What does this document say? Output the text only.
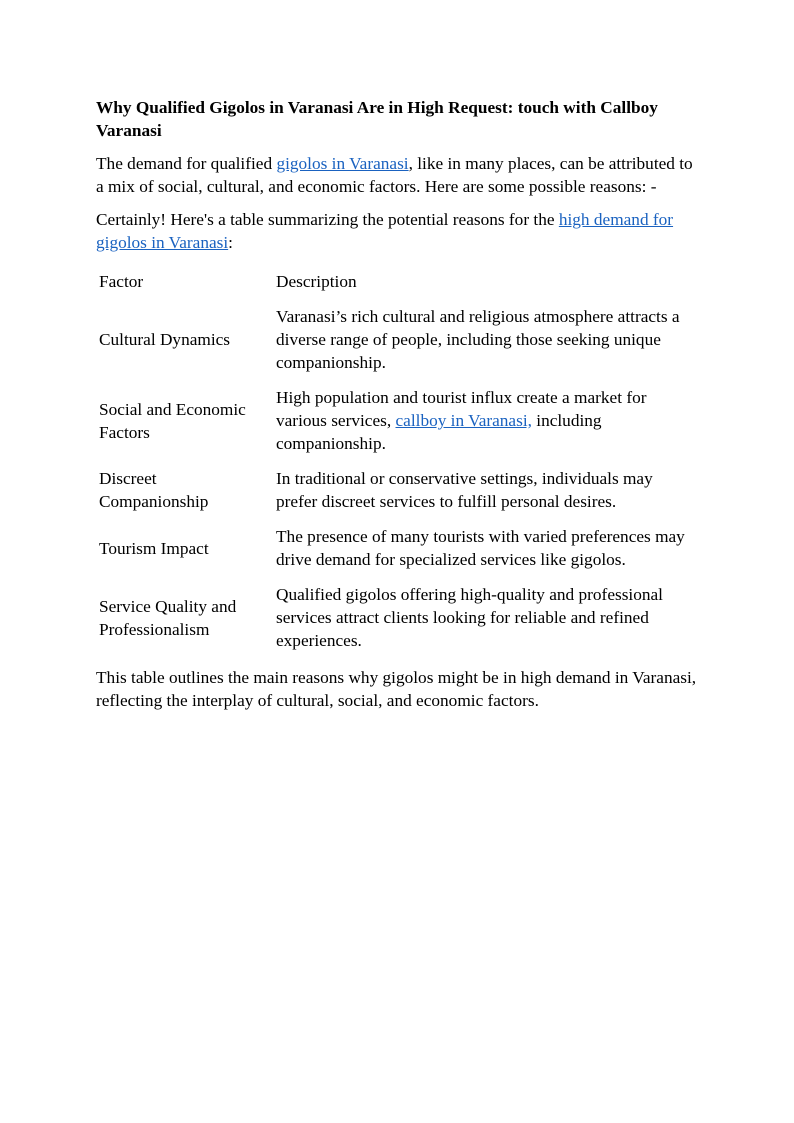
Why Qualified Gigolos in Varanasi Are in High Request: touch with Callboy Varanasi

The demand for qualified gigolos in Varanasi, like in many places, can be attributed to a mix of social, cultural, and economic factors. Here are some possible reasons: -

Certainly! Here's a table summarizing the potential reasons for the high demand for gigolos in Varanasi:

Factor	Description
Cultural Dynamics	Varanasi’s rich cultural and religious atmosphere attracts a diverse range of people, including those seeking unique companionship.
Social and Economic Factors	High population and tourist influx create a market for various services, callboy in Varanasi, including companionship.
Discreet Companionship	In traditional or conservative settings, individuals may prefer discreet services to fulfill personal desires.
Tourism Impact	The presence of many tourists with varied preferences may drive demand for specialized services like gigolos.
Service Quality and Professionalism	Qualified gigolos offering high-quality and professional services attract clients looking for reliable and refined experiences.

This table outlines the main reasons why gigolos might be in high demand in Varanasi, reflecting the interplay of cultural, social, and economic factors.
